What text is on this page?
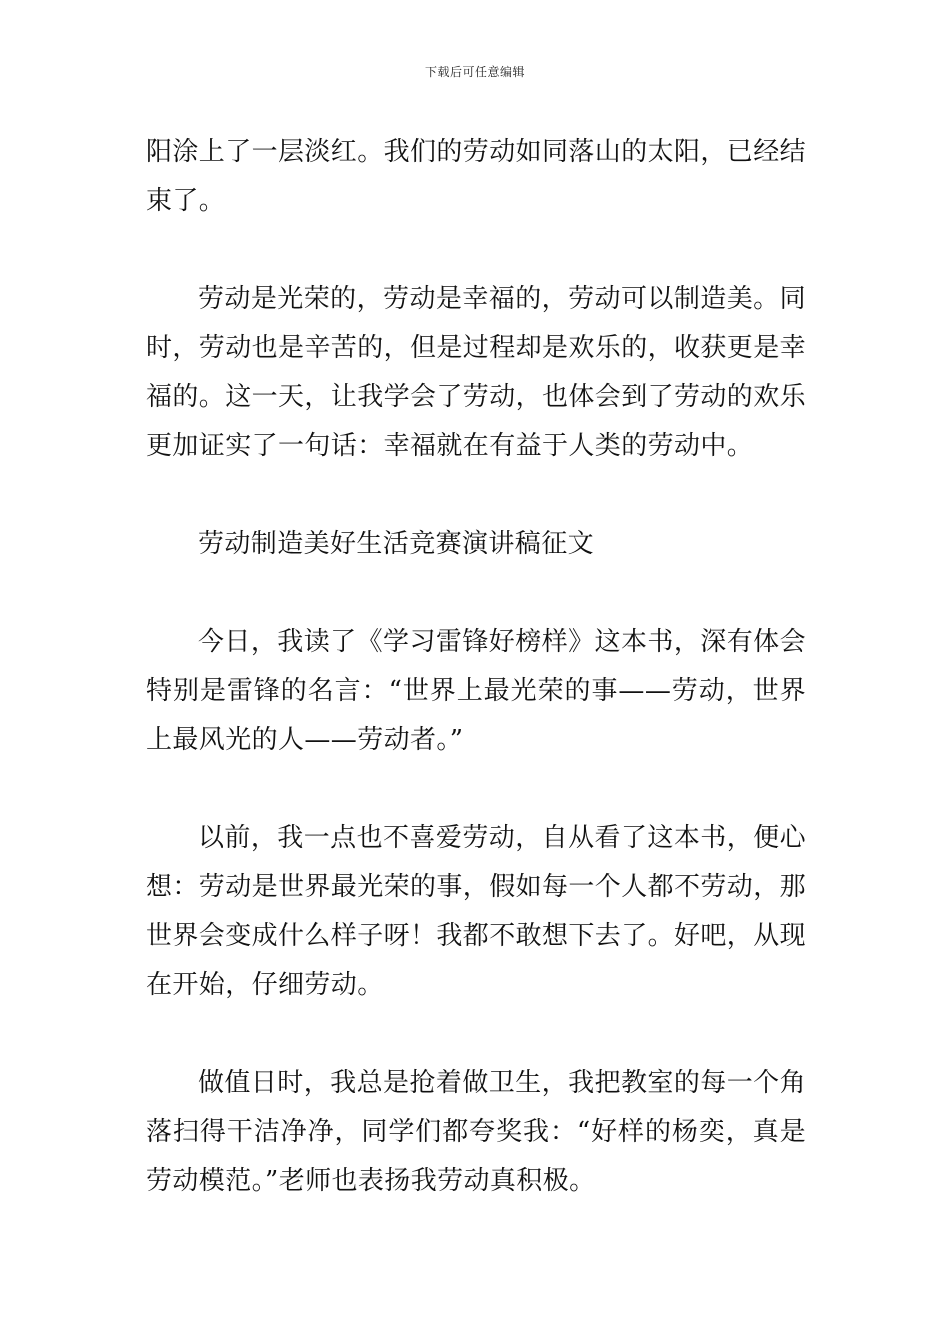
下载后可任意编辑

阳涂上了一层淡红。我们的劳动如同落山的太阳，已经结束了。

劳动是光荣的，劳动是幸福的，劳动可以制造美。同时，劳动也是辛苦的，但是过程却是欢乐的，收获更是幸福的。这一天，让我学会了劳动，也体会到了劳动的欢乐更加证实了一句话：幸福就在有益于人类的劳动中。

劳动制造美好生活竞赛演讲稿征文

今日，我读了《学习雷锋好榜样》这本书，深有体会特别是雷锋的名言：“世界上最光荣的事——劳动，世界上最风光的人——劳动者。”

以前，我一点也不喜爱劳动，自从看了这本书，便心想：劳动是世界最光荣的事，假如每一个人都不劳动，那世界会变成什么样子呀！我都不敢想下去了。好吧，从现在开始，仔细劳动。

做值日时，我总是抢着做卫生，我把教室的每一个角落扫得干洁净净，同学们都夸奖我：“好样的杨奕，真是劳动模范。”老师也表扬我劳动真积极。
